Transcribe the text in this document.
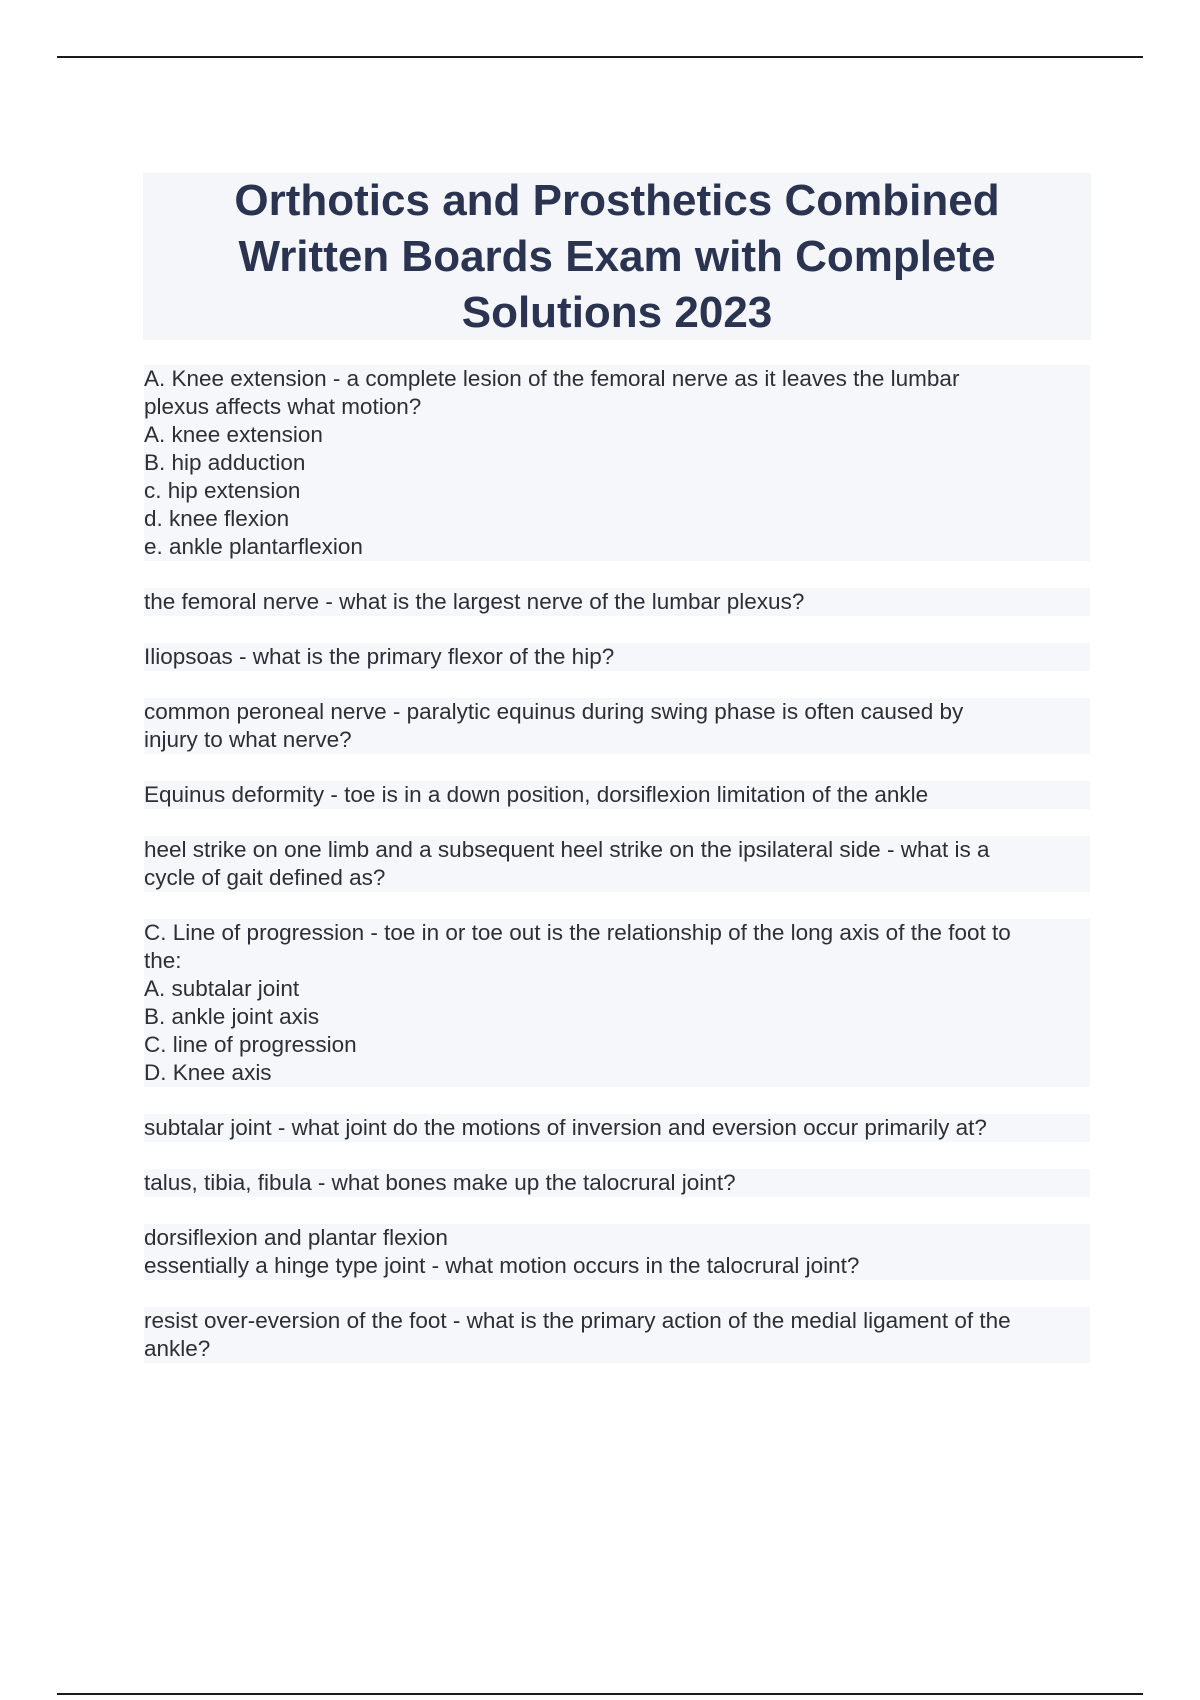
Orthotics and Prosthetics Combined
Written Boards Exam with Complete
Solutions 2023
A. Knee extension - a complete lesion of the femoral nerve as it leaves the lumbar
plexus affects what motion?
A. knee extension
B. hip adduction
c. hip extension
d. knee flexion
e. ankle plantarflexion
the femoral nerve - what is the largest nerve of the lumbar plexus?
Iliopsoas - what is the primary flexor of the hip?
common peroneal nerve - paralytic equinus during swing phase is often caused by
injury to what nerve?
Equinus deformity - toe is in a down position, dorsiflexion limitation of the ankle
heel strike on one limb and a subsequent heel strike on the ipsilateral side - what is a
cycle of gait defined as?
C. Line of progression - toe in or toe out is the relationship of the long axis of the foot to
the:
A. subtalar joint
B. ankle joint axis
C. line of progression
D. Knee axis
subtalar joint - what joint do the motions of inversion and eversion occur primarily at?
talus, tibia, fibula - what bones make up the talocrural joint?
dorsiflexion and plantar flexion
essentially a hinge type joint - what motion occurs in the talocrural joint?
resist over-eversion of the foot - what is the primary action of the medial ligament of the
ankle?
